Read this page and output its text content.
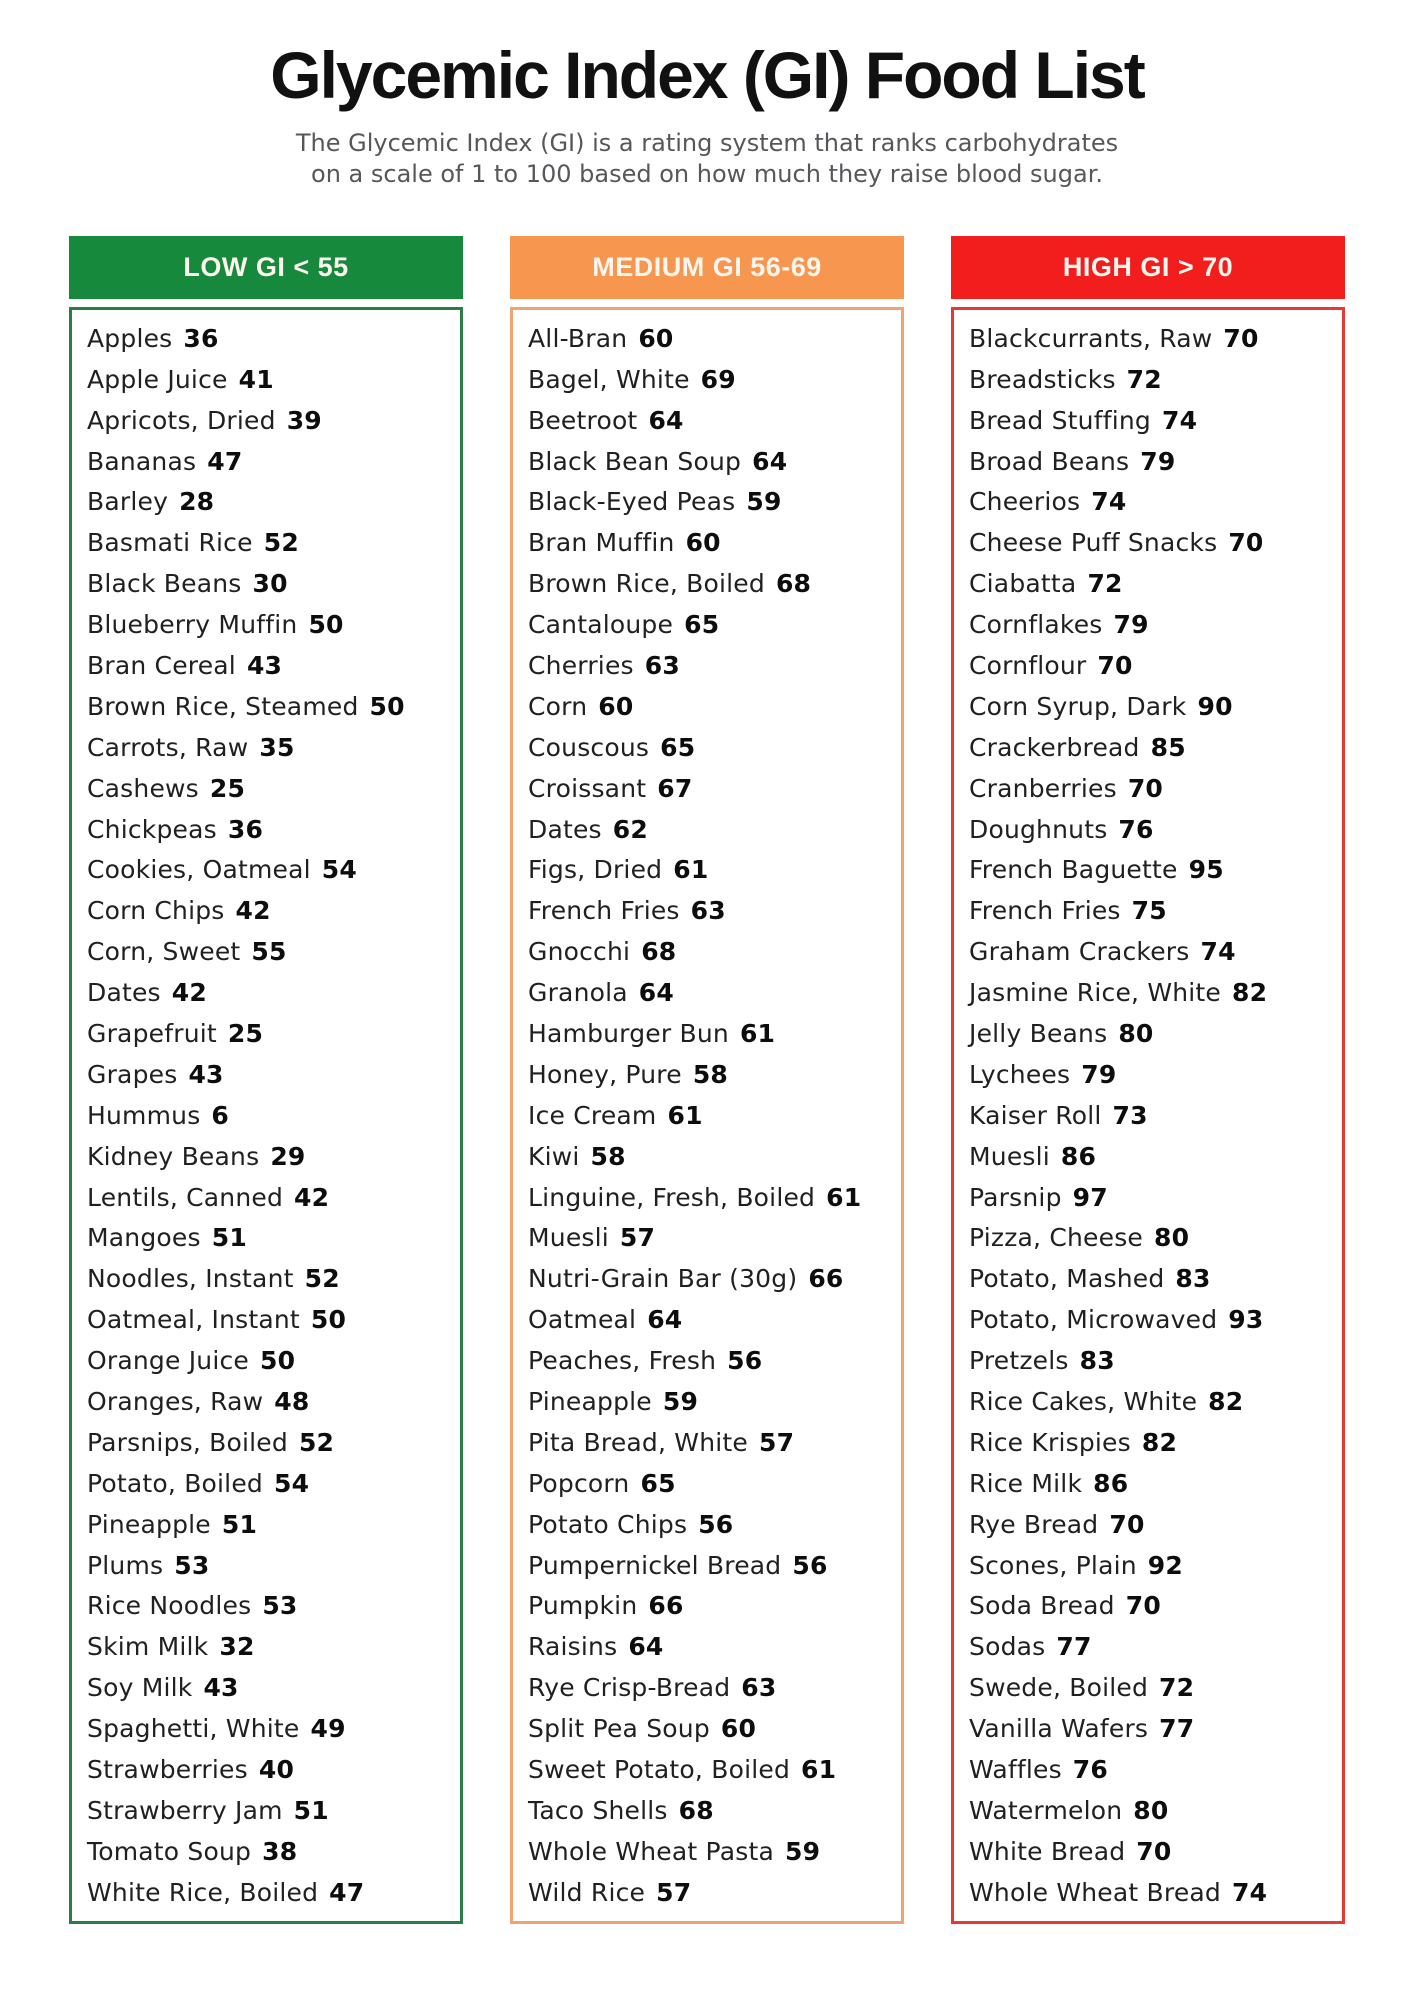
Glycemic Index (GI) Food List

The Glycemic Index (GI) is a rating system that ranks carbohydrates
on a scale of 1 to 100 based on how much they raise blood sugar.

LOW GI < 55
Apples 36
Apple Juice 41
Apricots, Dried 39
Bananas 47
Barley 28
Basmati Rice 52
Black Beans 30
Blueberry Muffin 50
Bran Cereal 43
Brown Rice, Steamed 50
Carrots, Raw 35
Cashews 25
Chickpeas 36
Cookies, Oatmeal 54
Corn Chips 42
Corn, Sweet 55
Dates 42
Grapefruit 25
Grapes 43
Hummus 6
Kidney Beans 29
Lentils, Canned 42
Mangoes 51
Noodles, Instant 52
Oatmeal, Instant 50
Orange Juice 50
Oranges, Raw 48
Parsnips, Boiled 52
Potato, Boiled 54
Pineapple 51
Plums 53
Rice Noodles 53
Skim Milk 32
Soy Milk 43
Spaghetti, White 49
Strawberries 40
Strawberry Jam 51
Tomato Soup 38
White Rice, Boiled 47
MEDIUM GI 56-69
All-Bran 60
Bagel, White 69
Beetroot 64
Black Bean Soup 64
Black-Eyed Peas 59
Bran Muffin 60
Brown Rice, Boiled 68
Cantaloupe 65
Cherries 63
Corn 60
Couscous 65
Croissant 67
Dates 62
Figs, Dried 61
French Fries 63
Gnocchi 68
Granola 64
Hamburger Bun 61
Honey, Pure 58
Ice Cream 61
Kiwi 58
Linguine, Fresh, Boiled 61
Muesli 57
Nutri-Grain Bar (30g) 66
Oatmeal 64
Peaches, Fresh 56
Pineapple 59
Pita Bread, White 57
Popcorn 65
Potato Chips 56
Pumpernickel Bread 56
Pumpkin 66
Raisins 64
Rye Crisp-Bread 63
Split Pea Soup 60
Sweet Potato, Boiled 61
Taco Shells 68
Whole Wheat Pasta 59
Wild Rice 57
HIGH GI > 70
Blackcurrants, Raw 70
Breadsticks 72
Bread Stuffing 74
Broad Beans 79
Cheerios 74
Cheese Puff Snacks 70
Ciabatta 72
Cornflakes 79
Cornflour 70
Corn Syrup, Dark 90
Crackerbread 85
Cranberries 70
Doughnuts 76
French Baguette 95
French Fries 75
Graham Crackers 74
Jasmine Rice, White 82
Jelly Beans 80
Lychees 79
Kaiser Roll 73
Muesli 86
Parsnip 97
Pizza, Cheese 80
Potato, Mashed 83
Potato, Microwaved 93
Pretzels 83
Rice Cakes, White 82
Rice Krispies 82
Rice Milk 86
Rye Bread 70
Scones, Plain 92
Soda Bread 70
Sodas 77
Swede, Boiled 72
Vanilla Wafers 77
Waffles 76
Watermelon 80
White Bread 70
Whole Wheat Bread 74
